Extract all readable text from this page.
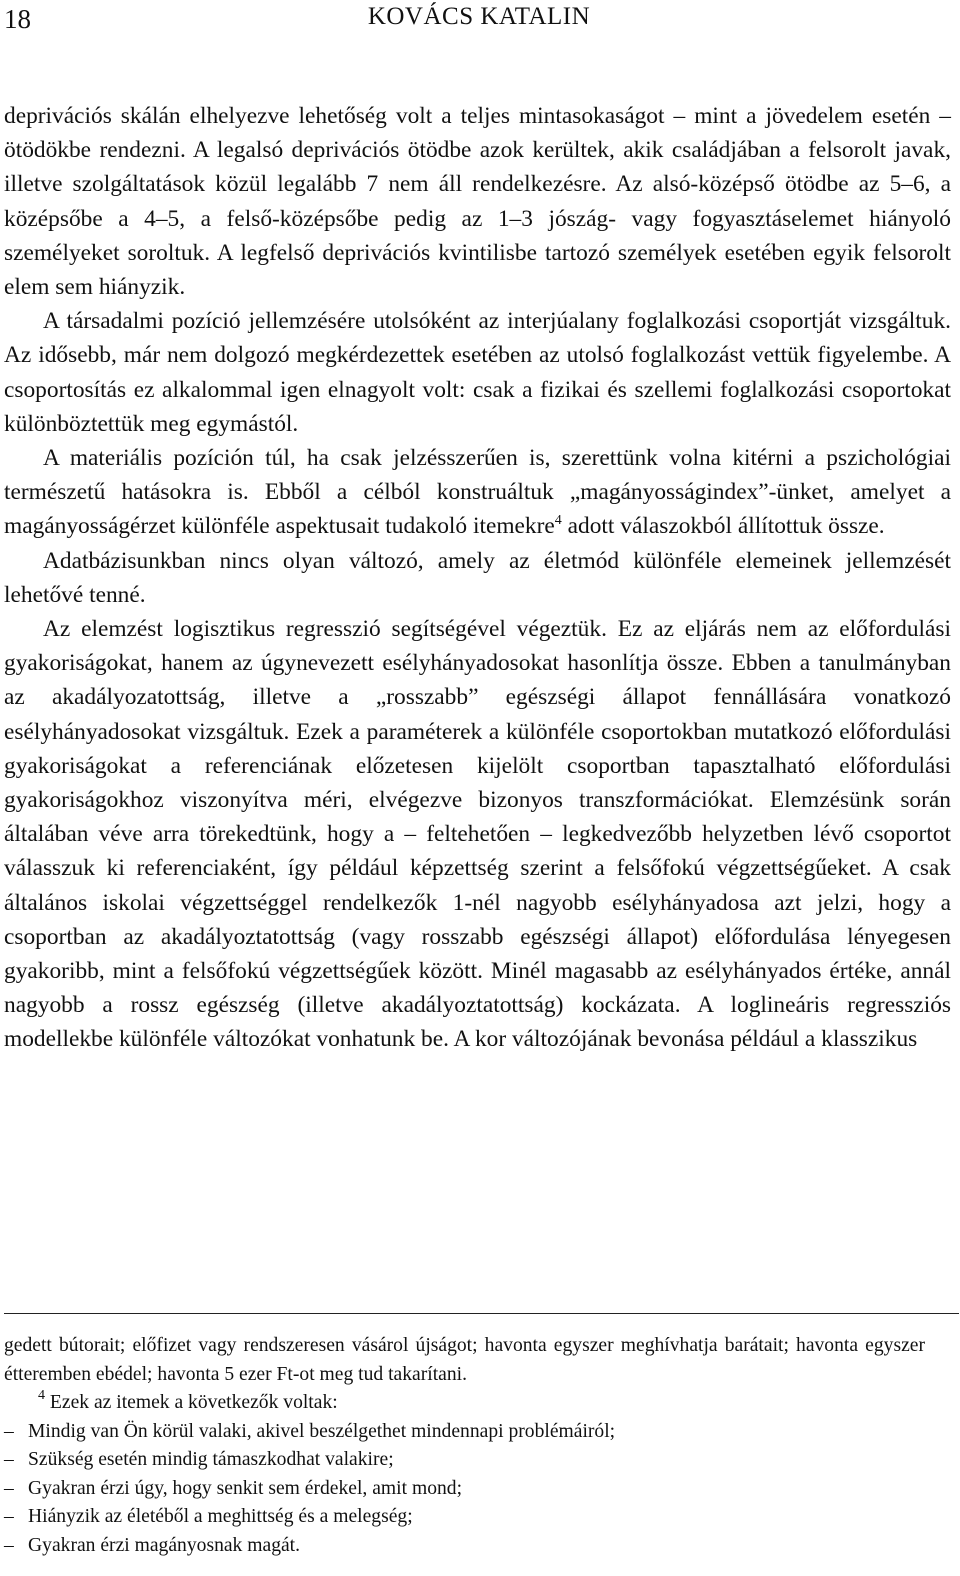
18	KOVÁCS KATALIN

deprivációs skálán elhelyezve lehetőség volt a teljes mintasokaságot – mint a jövedelem esetén – ötödökbe rendezni. A legalsó deprivációs ötödbe azok kerültek, akik családjában a felsorolt javak, illetve szolgáltatások közül legalább 7 nem áll rendelkezésre. Az alsó-középső ötödbe az 5–6, a középsőbe a 4–5, a felső-középsőbe pedig az 1–3 jószág- vagy fogyasztáselemet hiányoló személyeket soroltuk. A legfelső deprivációs kvintilisbe tartozó személyek esetében egyik felsorolt elem sem hiányzik.

A társadalmi pozíció jellemzésére utolsóként az interjúalany foglalkozási csoportját vizsgáltuk. Az idősebb, már nem dolgozó megkérdezettek esetében az utolsó foglalkozást vettük figyelembe. A csoportosítás ez alkalommal igen elnagyolt volt: csak a fizikai és szellemi foglalkozási csoportokat különböztettük meg egymástól.

A materiális pozíción túl, ha csak jelzésszerűen is, szerettünk volna kitérni a pszichológiai természetű hatásokra is. Ebből a célból konstruáltuk „magányosságindex”-ünket, amelyet a magányosságérzet különféle aspektusait tudakoló itemekre$^4$ adott válaszokból állítottuk össze.

Adatbázisunkban nincs olyan változó, amely az életmód különféle elemeinek jellemzését lehetővé tenné.

Az elemzést logisztikus regresszió segítségével végeztük. Ez az eljárás nem az előfordulási gyakoriságokat, hanem az úgynevezett esélyhányadosokat hasonlítja össze. Ebben a tanulmányban az akadályozatottság, illetve a „rosszabb” egészségi állapot fennállására vonatkozó esélyhányadosokat vizsgáltuk. Ezek a paraméterek a különféle csoportokban mutatkozó előfordulási gyakoriságokat a referenciának előzetesen kijelölt csoportban tapasztalható előfordulási gyakoriságokhoz viszonyítva méri, elvégezve bizonyos transzformációkat. Elemzésünk során általában véve arra törekedtünk, hogy a – feltehetően – legkedvezőbb helyzetben lévő csoportot válasszuk ki referenciaként, így például képzettség szerint a felsőfokú végzettségűeket. A csak általános iskolai végzettséggel rendelkezők 1-nél nagyobb esélyhányadosa azt jelzi, hogy a csoportban az akadályoztatottság (vagy rosszabb egészségi állapot) előfordulása lényegesen gyakoribb, mint a felsőfokú végzettségűek között. Minél magasabb az esélyhányados értéke, annál nagyobb a rossz egészség (illetve akadályoztatottság) kockázata. A loglineáris regressziós modellekbe különféle változókat vonhatunk be. A kor változójának bevonása például a klasszikus

gedett bútorait; előfizet vagy rendszeresen vásárol újságot; havonta egyszer meghívhatja barátait; havonta egyszer étteremben ebédel; havonta 5 ezer Ft-ot meg tud takarítani.

$^4$ Ezek az itemek a következők voltak:

– Mindig van Ön körül valaki, akivel beszélgethet mindennapi problémáiról;

– Szükség esetén mindig támaszkodhat valakire;

– Gyakran érzi úgy, hogy senkit sem érdekel, amit mond;

– Hiányzik az életéből a meghittség és a melegség;

– Gyakran érzi magányosnak magát.
